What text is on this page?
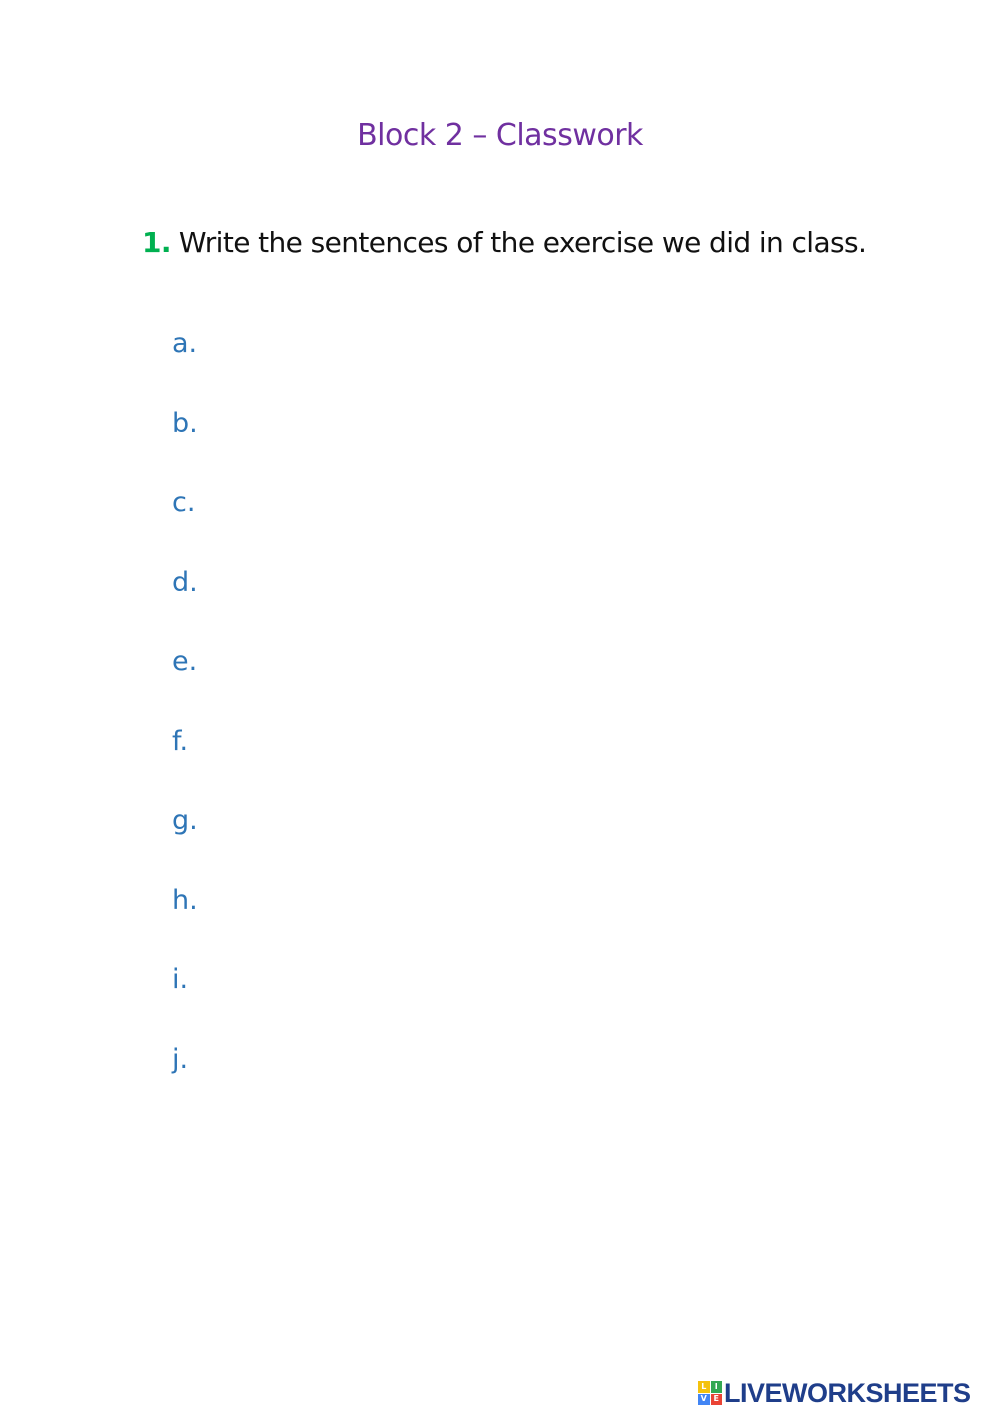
Block 2 – Classwork
1. Write the sentences of the exercise we did in class.
a.
b.
c.
d.
e.
f.
g.
h.
i.
j.
L	I
V E LIVEWORKSHEETS
